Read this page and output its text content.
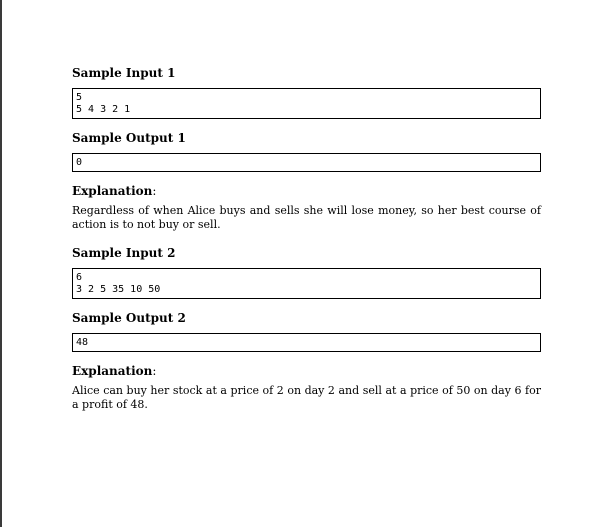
Sample Input 1
5
5 4 3 2 1
Sample Output 1
0
Explanation:

Regardless of when Alice buys and sells she will lose money, so her best course of action is to not buy or sell.

Sample Input 2
6
3 2 5 35 10 50
Sample Output 2
48
Explanation:

Alice can buy her stock at a price of 2 on day 2 and sell at a price of 50 on day 6 for a profit of 48.
